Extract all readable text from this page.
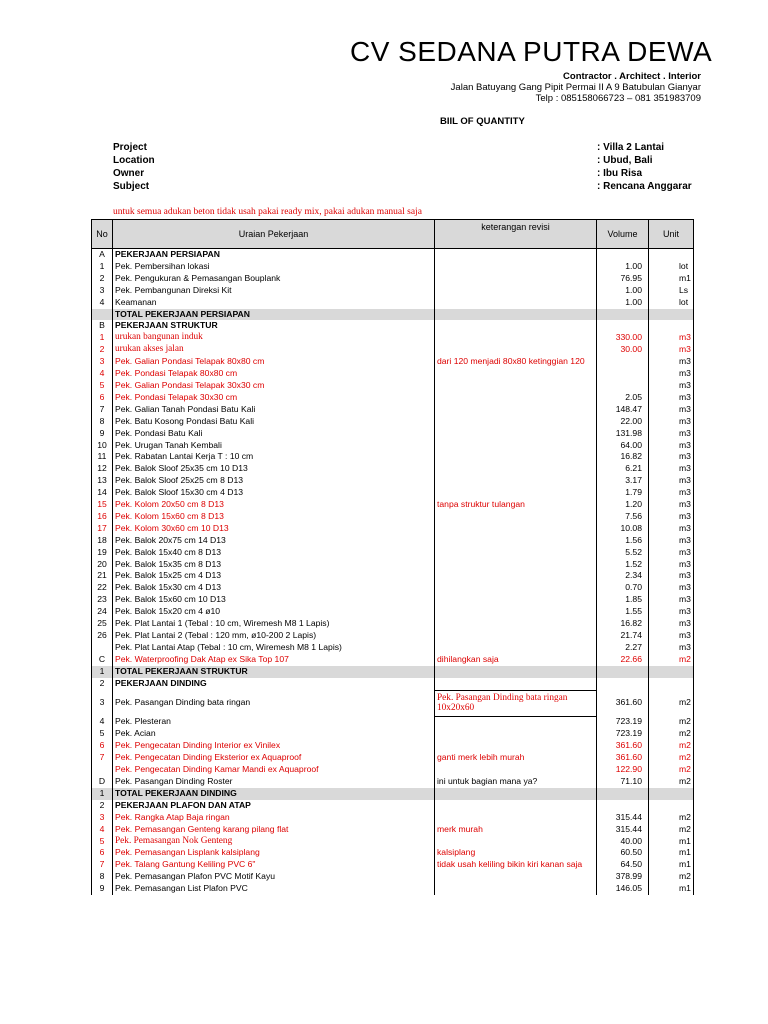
CV SEDANA PUTRA DEWA
Contractor . Architect . Interior
Jalan Batuyang Gang Pipit Permai II A 9 Batubulan Gianyar
Telp : 085158066723 – 081 351983709
BIIL OF QUANTITY
Project	: Villa 2 Lantai
Location	: Ubud, Bali
Owner	: Ibu Risa
Subject	: Rencana Anggarar
untuk semua adukan beton tidak usah pakai ready mix, pakai adukan manual saja
No	Uraian Pekerjaan	keterangan revisi	Volume	Unit
A	PEKERJAAN PERSIAPAN			
1	Pek. Pembersihan lokasi		1.00	lot
2	Pek. Pengukuran & Pemasangan Bouplank		76.95	m1
3	Pek. Pembangunan Direksi Kit		1.00	Ls
4	Keamanan		1.00	lot
	TOTAL PEKERJAAN PERSIAPAN			
B	PEKERJAAN STRUKTUR			
1	urukan bangunan induk		330.00	m3
2	urukan akses jalan		30.00	m3
3	Pek. Galian Pondasi Telapak 80x80 cm	dari 120 menjadi 80x80 ketinggian 120		m3
4	Pek. Pondasi Telapak 80x80 cm			m3
5	Pek. Galian Pondasi Telapak 30x30 cm			m3
6	Pek. Pondasi Telapak 30x30 cm		2.05	m3
7	Pek. Galian Tanah Pondasi Batu Kali		148.47	m3
8	Pek. Batu Kosong Pondasi Batu Kali		22.00	m3
9	Pek. Pondasi Batu Kali		131.98	m3
10	Pek. Urugan Tanah Kembali		64.00	m3
11	Pek. Rabatan Lantai Kerja T : 10 cm		16.82	m3
12	Pek. Balok Sloof 25x35 cm 10 D13		6.21	m3
13	Pek. Balok Sloof 25x25 cm 8 D13		3.17	m3
14	Pek. Balok Sloof 15x30 cm 4 D13		1.79	m3
15	Pek. Kolom 20x50 cm 8 D13	tanpa struktur tulangan	1.20	m3
16	Pek. Kolom 15x60 cm 8 D13		7.56	m3
17	Pek. Kolom 30x60 cm 10 D13		10.08	m3
18	Pek. Balok 20x75 cm 14 D13		1.56	m3
19	Pek. Balok 15x40 cm 8 D13		5.52	m3
20	Pek. Balok 15x35 cm 8 D13		1.52	m3
21	Pek. Balok 15x25 cm 4 D13		2.34	m3
22	Pek. Balok 15x30 cm 4 D13		0.70	m3
23	Pek. Balok 15x60 cm 10 D13		1.85	m3
24	Pek. Balok 15x20 cm 4 ø10		1.55	m3
25	Pek. Plat Lantai 1 (Tebal : 10 cm, Wiremesh M8 1 Lapis)		16.82	m3
26	Pek. Plat Lantai 2 (Tebal : 120 mm, ø10-200 2 Lapis)		21.74	m3
	Pek. Plat Lantai Atap (Tebal : 10 cm, Wiremesh M8 1 Lapis)		2.27	m3
C	Pek. Waterproofing Dak Atap ex Sika Top 107	dihilangkan saja	22.66	m2
1	TOTAL PEKERJAAN STRUKTUR			
2	PEKERJAAN DINDING			
3	Pek. Pasangan Dinding bata ringan	Pek. Pasangan Dinding bata ringan 10x20x60	361.60	m2
4	Pek. Plesteran		723.19	m2
5	Pek. Acian		723.19	m2
6	Pek. Pengecatan Dinding Interior ex Vinilex		361.60	m2
7	Pek. Pengecatan Dinding Eksterior ex Aquaproof	ganti merk lebih murah	361.60	m2
	Pek. Pengecatan Dinding Kamar Mandi ex Aquaproof		122.90	m2
D	Pek. Pasangan Dinding Roster	ini untuk bagian mana ya?	71.10	m2
1	TOTAL PEKERJAAN DINDING			
2	PEKERJAAN PLAFON DAN ATAP			
3	Pek. Rangka Atap Baja ringan		315.44	m2
4	Pek. Pemasangan Genteng karang pilang flat	merk murah	315.44	m2
5	Pek. Pemasangan Nok Genteng		40.00	m1
6	Pek. Pemasangan Lisplank kalsiplang	kalsiplang	60.50	m1
7	Pek. Talang Gantung Keliling PVC 6"	tidak usah keliling bikin kiri kanan saja	64.50	m1
8	Pek. Pemasangan Plafon PVC Motif Kayu		378.99	m2
9	Pek. Pemasangan List Plafon PVC		146.05	m1
